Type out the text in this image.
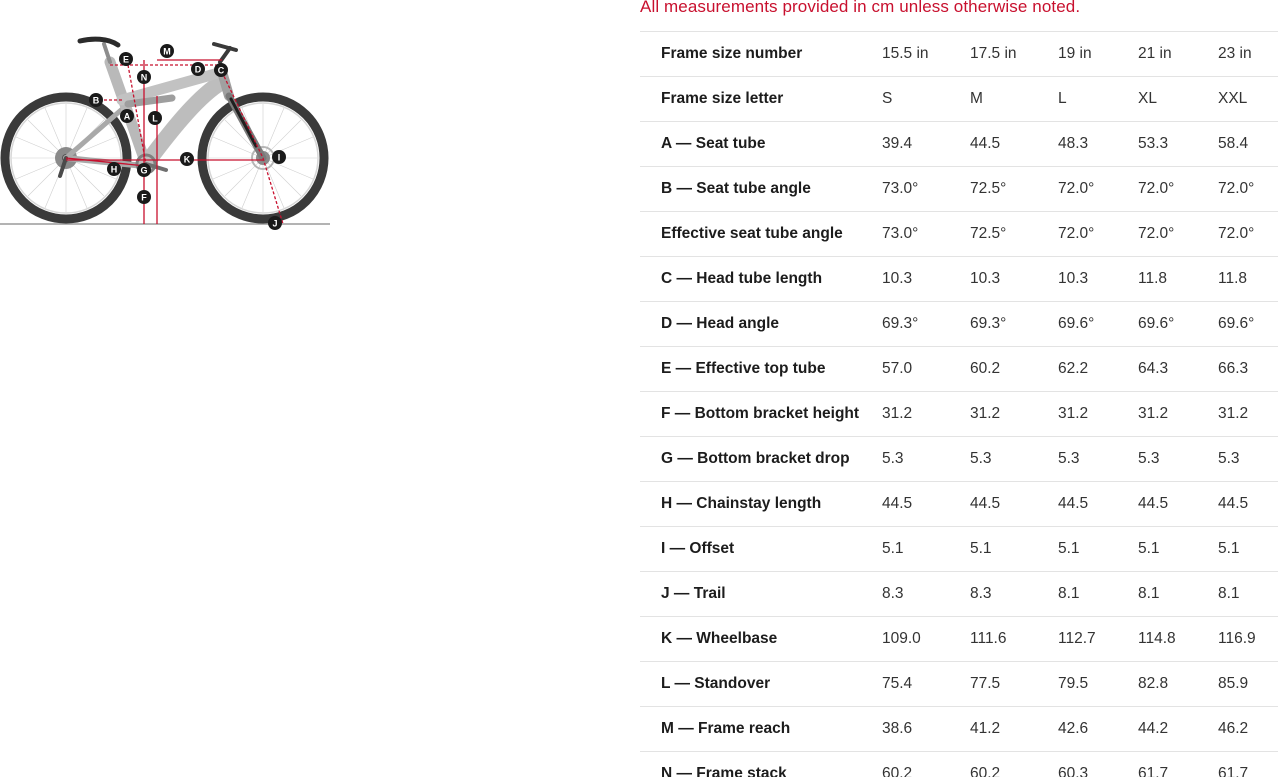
A
B
C
D
E
F
G
H
I
J
K
L
M
N
All measurements provided in cm unless otherwise noted.
Frame size number	15.5 in	17.5 in	19 in	21 in	23 in
Frame size letter	S	M	L	XL	XXL
A — Seat tube	39.4	44.5	48.3	53.3	58.4
B — Seat tube angle	73.0°	72.5°	72.0°	72.0°	72.0°
Effective seat tube angle	73.0°	72.5°	72.0°	72.0°	72.0°
C — Head tube length	10.3	10.3	10.3	11.8	11.8
D — Head angle	69.3°	69.3°	69.6°	69.6°	69.6°
E — Effective top tube	57.0	60.2	62.2	64.3	66.3
F — Bottom bracket height	31.2	31.2	31.2	31.2	31.2
G — Bottom bracket drop	5.3	5.3	5.3	5.3	5.3
H — Chainstay length	44.5	44.5	44.5	44.5	44.5
I — Offset	5.1	5.1	5.1	5.1	5.1
J — Trail	8.3	8.3	8.1	8.1	8.1
K — Wheelbase	109.0	111.6	112.7	114.8	116.9
L — Standover	75.4	77.5	79.5	82.8	85.9
M — Frame reach	38.6	41.2	42.6	44.2	46.2
N — Frame stack	60.2	60.2	60.3	61.7	61.7
